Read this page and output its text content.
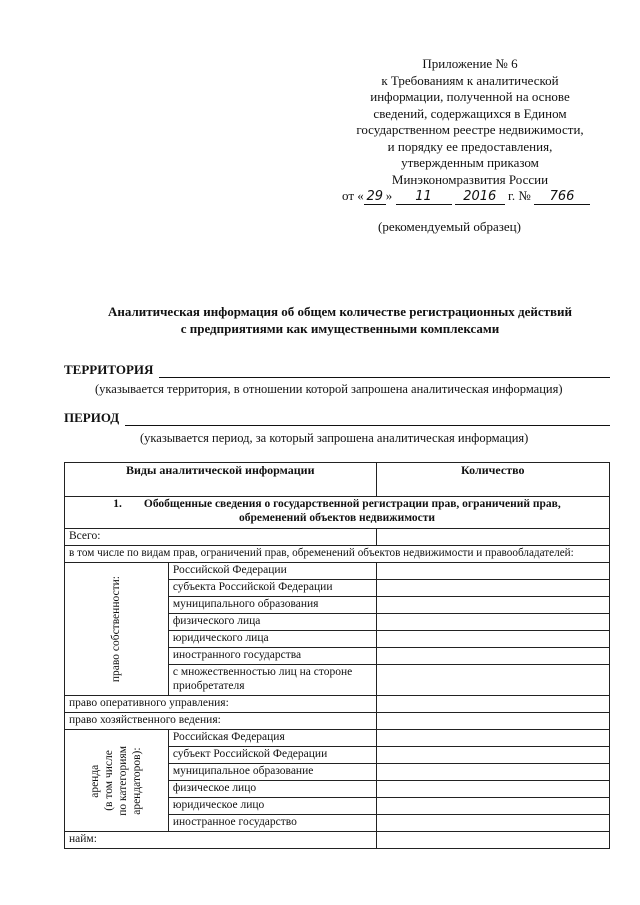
Приложение № 6
к Требованиям к аналитической
информации, полученной на основе
сведений, содержащихся в Едином
государственном реестре недвижимости,
и порядку ее предоставления,
утвержденным приказом
Минэкономразвития России
от « 29 » 11 2016 г. № 766
(рекомендуемый образец)
Аналитическая информация об общем количестве регистрационных действий
с предприятиями как имущественными комплексами
ТЕРРИТОРИЯ
(указывается территория, в отношении которой запрошена аналитическая информация)
ПЕРИОД
(указывается период, за который запрошена аналитическая информация)
Виды аналитической информации		Количество
1. Обобщенные сведения о государственной регистрации прав, ограничений прав,
обременений объектов недвижимости		
Всего:		
в том числе по видам прав, ограничений прав, обременений объектов недвижимости и правообладателей:		

право собственности:	Российской Федерации	
	субъекта Российской Федерации	
	муниципального образования	
	физического лица	
	юридического лица	
	иностранного государства	
	с множественностью лиц на стороне приобретателя	
право оперативного управления:		
право хозяйственного ведения:		

аренда (в том числе по категориям арендаторов):	Российская Федерация	
	субъект Российской Федерации	
	муниципальное образование	
	физическое лицо	
	юридическое лицо	
	иностранное государство	
найм:		
